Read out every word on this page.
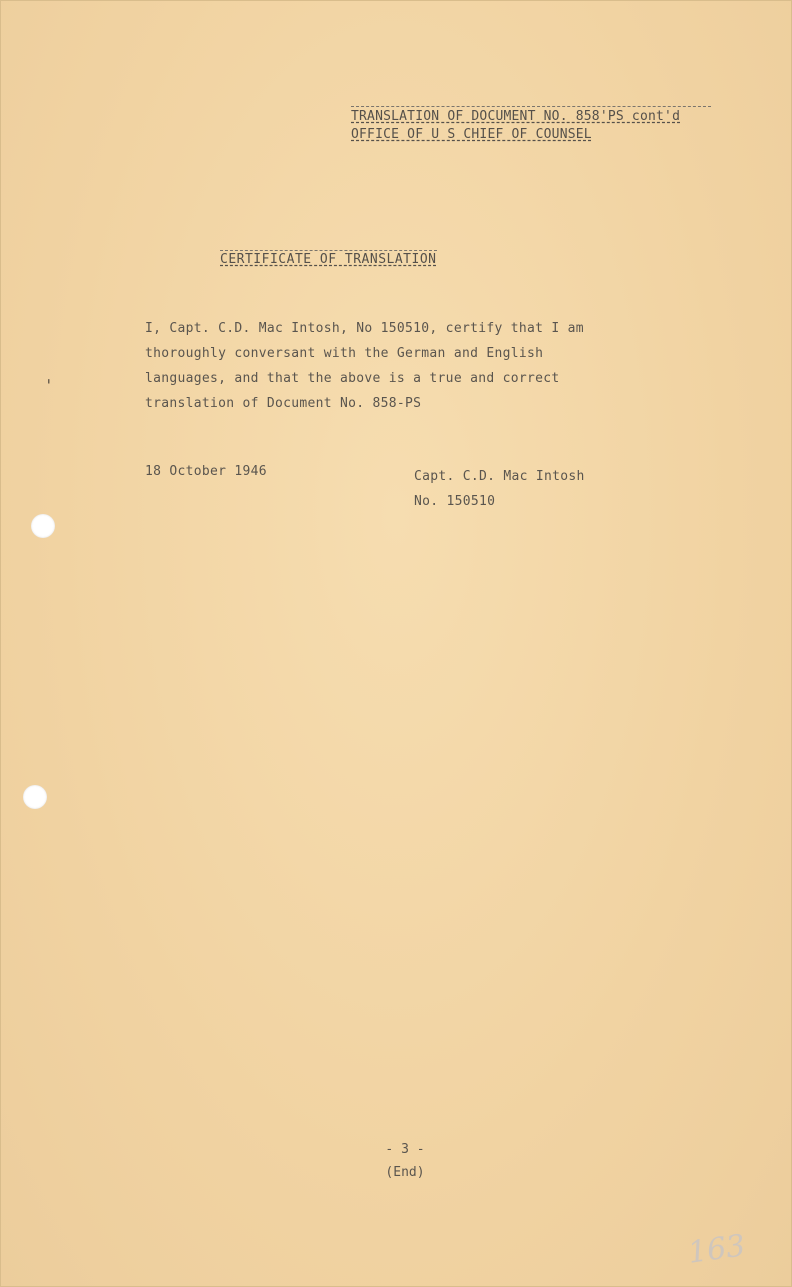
TRANSLATION OF DOCUMENT NO. 858'PS cont'd
OFFICE OF U S CHIEF OF COUNSEL
CERTIFICATE OF TRANSLATION
I, Capt. C.D. Mac Intosh, No 150510, certify that I am
thoroughly conversant with the German and English
languages, and that the above is a true and correct
translation of Document No. 858-PS
18 October 1946	Capt. C.D. Mac Intosh
No. 150510
ˌ
- 3 -
(End)
163
